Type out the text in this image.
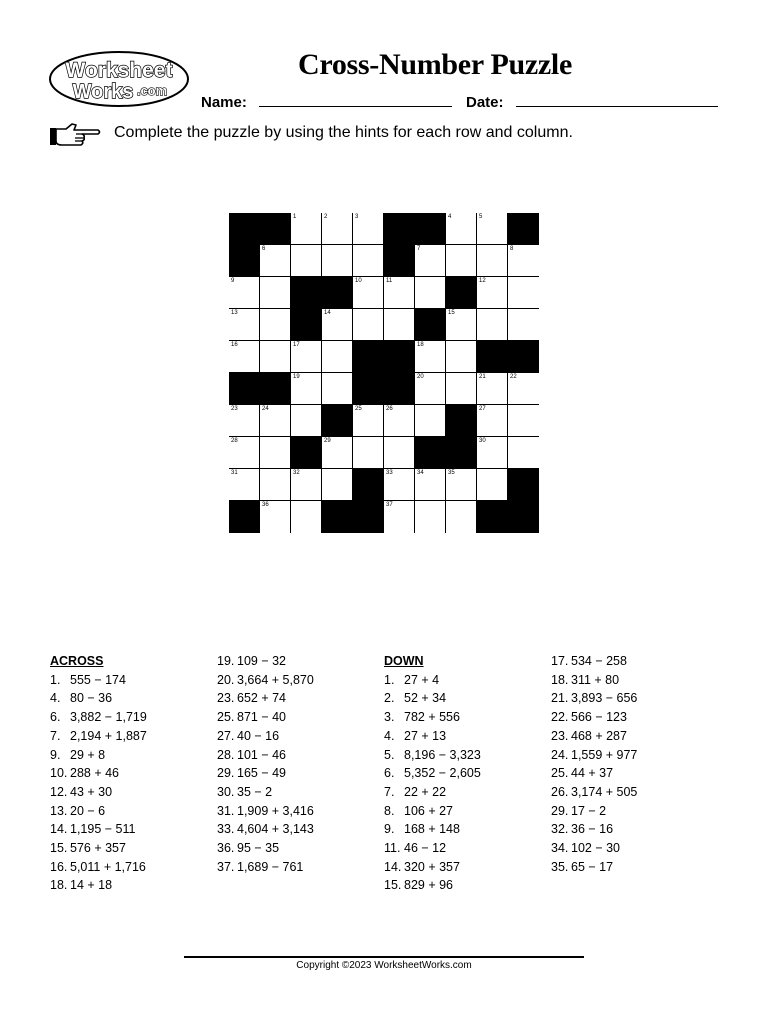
Worksheet
Works .com
Cross-Number Puzzle
Name:	Date:
Complete the puzzle by using the hints for each row and column.
1	2	3	4	5
6	7	8
9	10	11	12
13	14	15
16	17	18
19	20	21	22
23	24	25	26	27
28	29	30
31	32	33	34	35
36	37
ACROSS
1. 555 − 174
4. 80 − 36
6. 3,882 − 1,719
7. 2,194 + 1,887
9. 29 + 8
10. 288 + 46
12. 43 + 30
13. 20 − 6
14. 1,195 − 511
15. 576 + 357
16. 5,011 + 1,716
18. 14 + 18
19. 109 − 32
20. 3,664 + 5,870
23. 652 + 74
25. 871 − 40
27. 40 − 16
28. 101 − 46
29. 165 − 49
30. 35 − 2
31. 1,909 + 3,416
33. 4,604 + 3,143
36. 95 − 35
37. 1,689 − 761
DOWN
1. 27 + 4
2. 52 + 34
3. 782 + 556
4. 27 + 13
5. 8,196 − 3,323
6. 5,352 − 2,605
7. 22 + 22
8. 106 + 27
9. 168 + 148
11. 46 − 12
14. 320 + 357
15. 829 + 96
17. 534 − 258
18. 311 + 80
21. 3,893 − 656
22. 566 − 123
23. 468 + 287
24. 1,559 + 977
25. 44 + 37
26. 3,174 + 505
29. 17 − 2
32. 36 − 16
34. 102 − 30
35. 65 − 17
Copyright ©2023 WorksheetWorks.com
